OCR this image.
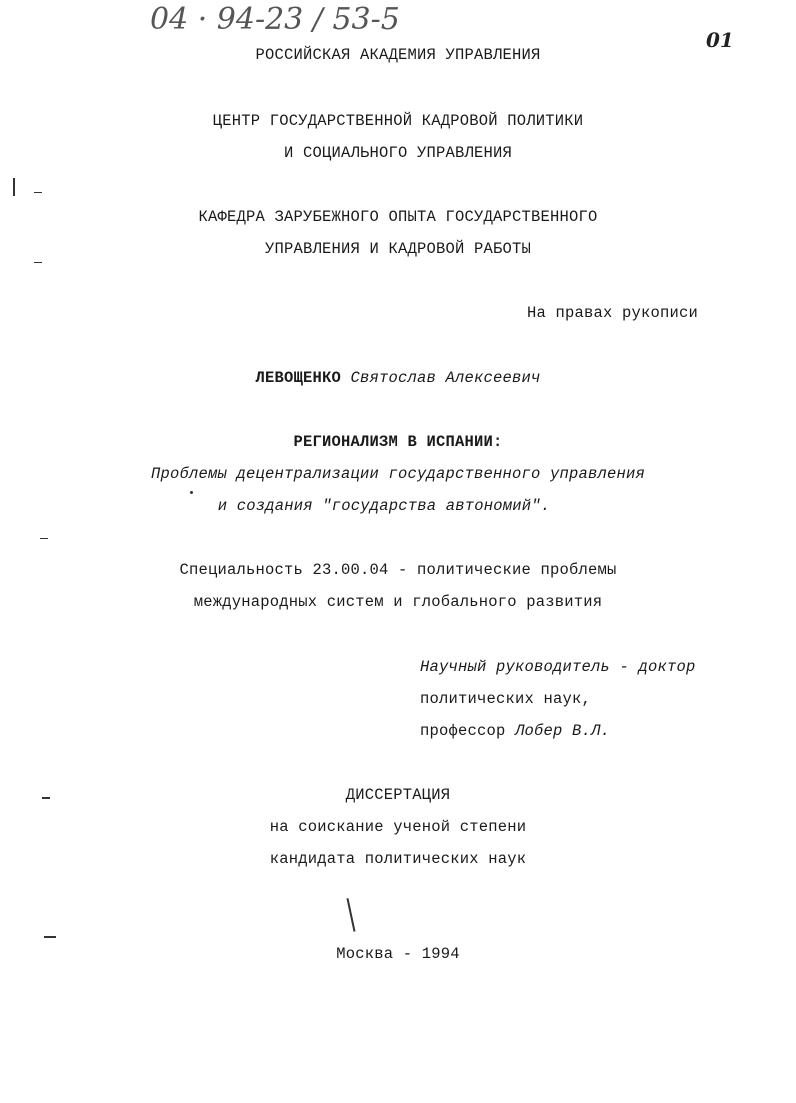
04 · 94-23 / 53-5
01
РОССИЙСКАЯ АКАДЕМИЯ УПРАВЛЕНИЯ
ЦЕНТР ГОСУДАРСТВЕННОЙ КАДРОВОЙ ПОЛИТИКИ
И СОЦИАЛЬНОГО УПРАВЛЕНИЯ
КАФЕДРА ЗАРУБЕЖНОГО ОПЫТА ГОСУДАРСТВЕННОГО
УПРАВЛЕНИЯ И КАДРОВОЙ РАБОТЫ
На правах рукописи
ЛЕВОЩЕНКО Святослав Алексеевич
РЕГИОНАЛИЗМ В ИСПАНИИ:
Проблемы децентрализации государственного управления
и создания "государства автономий".
Специальность 23.00.04 - политические проблемы
международных систем и глобального развития
Научный руководитель - доктор
политических наук,
профессор Лобер В.Л.
ДИССЕРТАЦИЯ
на соискание ученой степени
кандидата политических наук
Москва - 1994
